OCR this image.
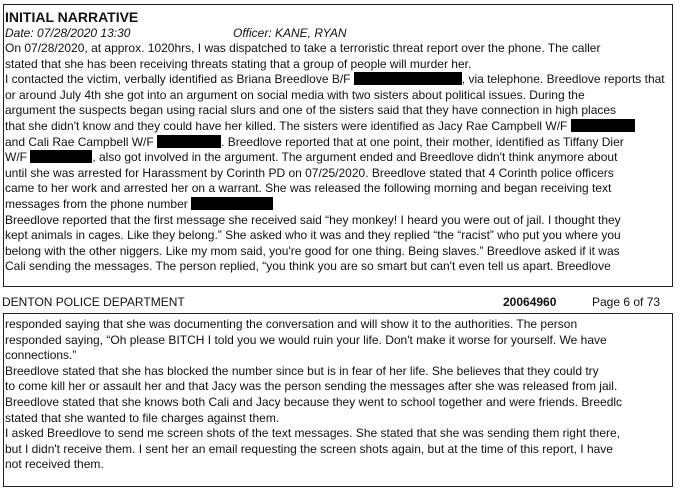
INITIAL NARRATIVE
Date: 07/28/2020 13:30	Officer: KANE, RYAN
On 07/28/2020, at approx. 1020hrs, I was dispatched to take a terroristic threat report over the phone. The caller
stated that she has been receiving threats stating that a group of people will murder her.
I contacted the victim, verbally identified as Briana Breedlove B/F	, via telephone. Breedlove reports that
or around July 4th she got into an argument on social media with two sisters about political issues. During the
argument the suspects began using racial slurs and one of the sisters said that they have connection in high places
that she didn't know and they could have her killed. The sisters were identified as Jacy Rae Campbell W/F
and Cali Rae Campbell W/F	. Breedlove reported that at one point, their mother, identified as Tiffany Dier
W/F	, also got involved in the argument. The argument ended and Breedlove didn't think anymore about
until she was arrested for Harassment by Corinth PD on 07/25/2020. Breedlove stated that 4 Corinth police officers
came to her work and arrested her on a warrant. She was released the following morning and began receiving text
messages from the phone number
Breedlove reported that the first message she received said “hey monkey! I heard you were out of jail. I thought they
kept animals in cages. Like they belong.” She asked who it was and they replied “the “racist” who put you where you
belong with the other niggers. Like my mom said, you're good for one thing. Being slaves.” Breedlove asked if it was
Cali sending the messages. The person replied, “you think you are so smart but can't even tell us apart. Breedlove
DENTON POLICE DEPARTMENT	20064960	Page 6 of 73
responded saying that she was documenting the conversation and will show it to the authorities. The person
responded saying, “Oh please BITCH I told you we would ruin your life. Don't make it worse for yourself. We have
connections.”
Breedlove stated that she has blocked the number since but is in fear of her life. She believes that they could try
to come kill her or assault her and that Jacy was the person sending the messages after she was released from jail.
Breedlove stated that she knows both Cali and Jacy because they went to school together and were friends. Breedlc
stated that she wanted to file charges against them.
I asked Breedlove to send me screen shots of the text messages. She stated that she was sending them right there,
but I didn't receive them. I sent her an email requesting the screen shots again, but at the time of this report, I have
not received them.
